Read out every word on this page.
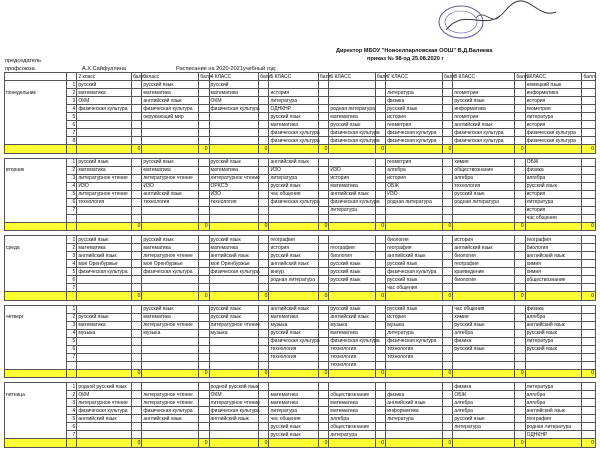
Директор МБОУ "Новоелпарловская ООШ" В.Д.Валиева
приказ № 98-од 25.08.2020 г
председатель
профсоюза	А.Х.Сайфуллина	Расписание на 2020-2021учебный год:
		2 класс	балл	3класс	балл	4 КЛАСС	балл	5 КЛАСС	балл	6 КЛАСС	балл	7 КЛАСС	балл	8 КЛАСС	балл	9КЛАСС	балл
	1	русский		русский язык		русский										немецкий язык	
понедельник	2	математика		математика		математика		история				литература		геометрия		информатика	
	3	ОКМ		английский язык		ОКМ		литература				физика		русский язык		история	
	4	физическая культура		физическая культура		физическая культура		ОДНКНР		родная литература		русский язык		информатика		геометрия	
	5			окружающий мир				русский язык		математика		история		геометрия		литература	
	6							математика		русский язык		геометрия		английский язык		история	
	7							физическая культура		физическая культура		физическая культура		физическая культура		физическая культура	
	8							физическая культура		физическая культура		физическая культура		физическая культура		физическая культура	
			0		0		0		0		0		0		0		0

	1	русский язык		русский язык		русский язык		английский язык				геометрия		химия		ОБЖ	
вторник	2	математика		математика		математика		ИЗО		ИЗО		алгебра		обществознание		физика	
	3	литературное чтение		литературное чтение		литературное чтение		литература		история		история		алгебра		алгебра	
	4	ИЗО		ИЗО		ОРКСЭ		русский язык		математика		ОБЖ		технология		русский язык	
	5	литературное чтение		английский язык		ИЗО		час общения		английский язык		ИЗО		русский язык		история	
	6	технология		технология		технология		физическая культура		физическая культура		родная литература		родная литература		литература	
	7									литература						история	
																час общения	
			0		0		0		0		0		0		0		0

	1	русский язык		русский язык		русский язык		география				биология		история		география	
среда	2	математика		математика		математика		история		география		география		английский язык		биология	
	3	английский язык		литературное чтение		английский язык		русский язык		биология		английский язык		биология		английский язык	
	4	моё Оренбуржье		моё Оренбуржье		моё Оренбуржье		английский язык		русский язык		русский язык		география		химия	
	5	физическая культура		физическая культура		физическая культура		внеур.		русский язык		физическая культура		краеведение		химия	
	6							родная литература		русский язык		русский язык		биология		обществознание	
	7											час общения					
			0		0		0		0		0		0		0		0

	1			русский язык		русский язык		английский язык		русский язык		русский язык		час общения		физика	
четверг	2	русский язык		математика		русский язык		математика		английский язык		история		химия		алгебра	
	3	математика		литературное чтение		литературное чтение		музыка		музыка		музыка		русский язык		английский язык	
	4	музыка		музыка		музыка		русский язык		математика		литература		алгебра		русский язык	
	5							физическая культура		физическая культура		физическая культура		физика		литература	
	6							технология		технология		технология		русский язык		русский язык	
	7							технология		технология		технология					
										технология							
			0		0		0		0		0		0		0		0

	1	родной русский язык				родной русский язык								физика		литература	
пятница	2	ОКМ		литературное чтение		ОКМ		математика		обществознание		физика		ОБЖ		алгебра	
	3	литературное чтение		литературное чтение		литературное чтение		математика		математика		английский язык		алгебра		алгебра	
	4	физическая культура		физическая культура		физическая культура		литература		математика		информатика		алгебра		английский язык	
	5	английский язык		английский язык		английский язык		час общения		алгебра		литература		русский язык		география	
	6							русский язык		обществознание				литература		родная литература	
	7							русский язык		литература						ОДНКНР	
			0		0		0		0		0		0		0		0
